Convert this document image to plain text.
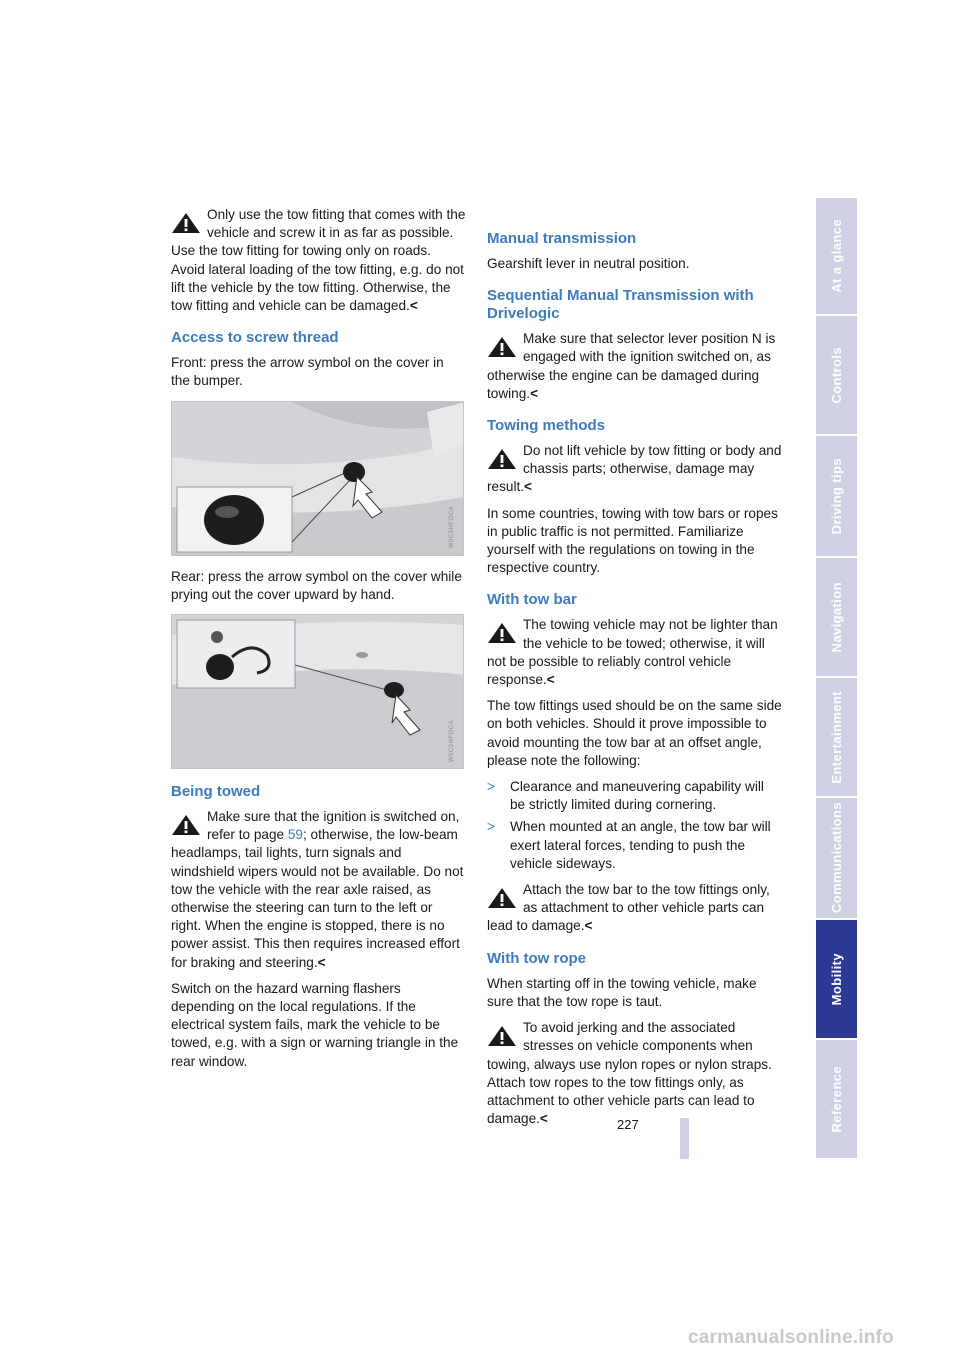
Only use the tow fitting that comes with the vehicle and screw it in as far as possible. Use the tow fitting for towing only on roads. Avoid lateral loading of the tow fitting, e.g. do not lift the vehicle by the tow fitting. Otherwise, the tow fitting and vehicle can be damaged.<
Access to screw thread

Front: press the arrow symbol on the cover in the bumper.

W0C9HFOCA

Rear: press the arrow symbol on the cover while prying out the cover upward by hand.

W0C9HFOCA
Being towed
Make sure that the ignition is switched on, refer to page 59; otherwise, the low-beam headlamps, tail lights, turn signals and windshield wipers would not be available. Do not tow the vehicle with the rear axle raised, as otherwise the steering can turn to the left or right. When the engine is stopped, there is no power assist. This then requires increased effort for braking and steering.<

Switch on the hazard warning flashers depending on the local regulations. If the electrical system fails, mark the vehicle to be towed, e.g. with a sign or warning triangle in the rear window.

Manual transmission

Gearshift lever in neutral position.

Sequential Manual Transmission with Drivelogic
Make sure that selector lever position N is engaged with the ignition switched on, as otherwise the engine can be damaged during towing.<
Towing methods
Do not lift vehicle by tow fitting or body and chassis parts; otherwise, damage may result.<

In some countries, towing with tow bars or ropes in public traffic is not permitted. Familiarize yourself with the regulations on towing in the respective country.

With tow bar
The towing vehicle may not be lighter than the vehicle to be towed; otherwise, it will not be possible to reliably control vehicle response.<

The tow fittings used should be on the same side on both vehicles. Should it prove impossible to avoid mounting the tow bar at an offset angle, please note the following:

> Clearance and maneuvering capability will be strictly limited during cornering.
> When mounted at an angle, the tow bar will exert lateral forces, tending to push the vehicle sideways.
Attach the tow bar to the tow fittings only, as attachment to other vehicle parts can lead to damage.<
With tow rope

When starting off in the towing vehicle, make sure that the tow rope is taut.

To avoid jerking and the associated stresses on vehicle components when towing, always use nylon ropes or nylon straps. Attach tow ropes to the tow fittings only, as attachment to other vehicle parts can lead to damage.<
At a glance
Controls
Driving tips
Navigation
Entertainment
Communications
Mobility
Reference
227
carmanualsonline.info
